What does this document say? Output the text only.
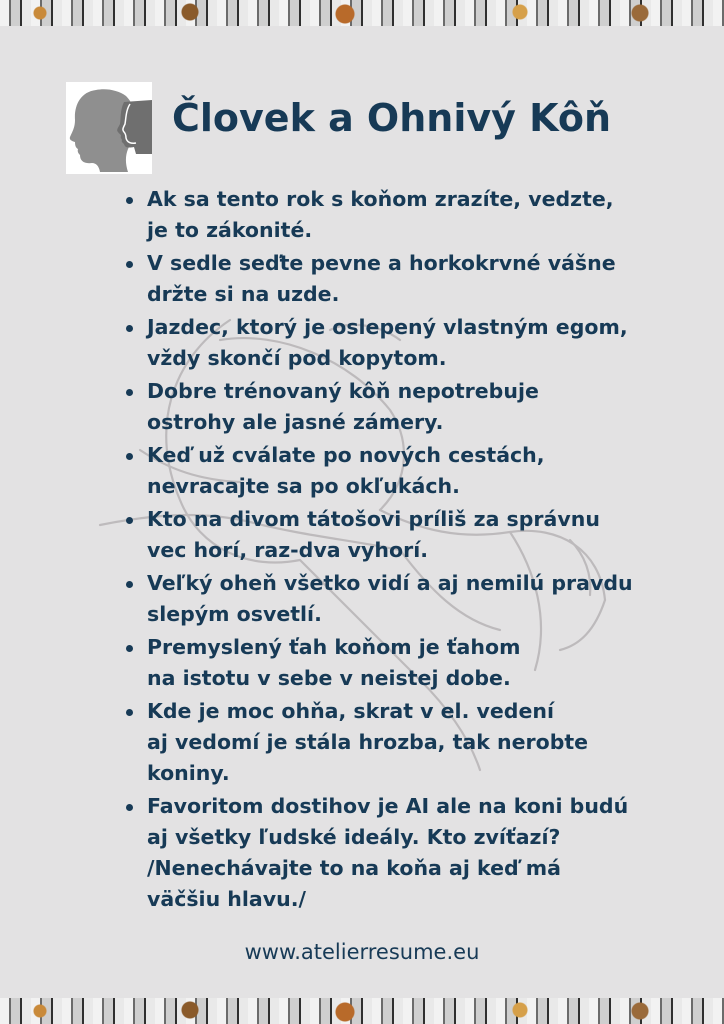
Človek a Ohnivý Kôň
Ak sa tento rok s koňom zrazíte, vedzte,
je to zákonité.
V sedle seďte pevne a horkokrvné vášne
držte si na uzde.
Jazdec, ktorý je oslepený vlastným egom,
vždy skončí pod kopytom.
Dobre trénovaný kôň nepotrebuje
ostrohy ale jasné zámery.
Keď už cválate po nových cestách,
nevracajte sa po okľukách.
Kto na divom tátošovi príliš za správnu
vec horí, raz-dva vyhorí.
Veľký oheň všetko vidí a aj nemilú pravdu
slepým osvetlí.
Premyslený ťah koňom je ťahom
na istotu v sebe v neistej dobe.
Kde je moc ohňa, skrat v el. vedení
aj vedomí je stála hrozba, tak nerobte
koniny.
Favoritom dostihov je AI ale na koni budú
aj všetky ľudské ideály. Kto zvíťazí?
/Nenechávajte to na koňa aj keď má
väčšiu hlavu./
www.atelierresume.eu
